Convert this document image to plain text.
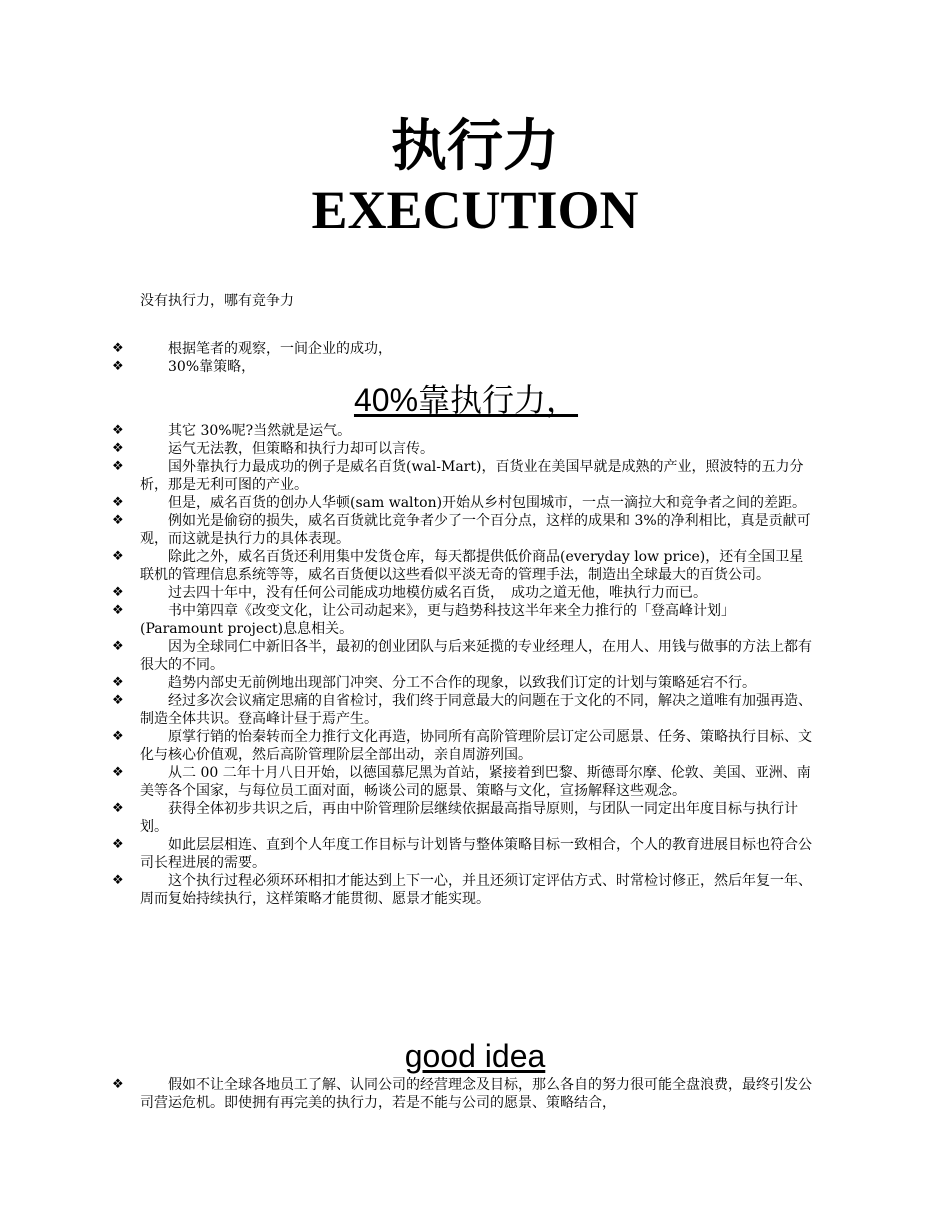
执行力
EXECUTION
没有执行力，哪有竞争力
❖	根据笔者的观察，一间企业的成功，
❖	30%靠策略，
40%靠执行力，
❖	其它 30%呢?当然就是运气。
❖	运气无法教，但策略和执行力却可以言传。
❖	国外靠执行力最成功的例子是威名百货(wal-Mart)，百货业在美国早就是成熟的产业，照波特的五力分析，那是无利可图的产业。
❖	但是，威名百货的创办人华顿(sam walton)开始从乡村包围城市，一点一滴拉大和竞争者之间的差距。
❖	例如光是偷窃的损失，威名百货就比竞争者少了一个百分点，这样的成果和 3%的净利相比，真是贡献可观，而这就是执行力的具体表现。
❖	除此之外，威名百货还利用集中发货仓库，每天都提供低价商品(everyday low price)，还有全国卫星联机的管理信息系统等等，威名百货便以这些看似平淡无奇的管理手法，制造出全球最大的百货公司。
❖	过去四十年中，没有任何公司能成功地模仿威名百货，　成功之道无他，唯执行力而已。
❖	书中第四章《改变文化，让公司动起来》，更与趋势科技这半年来全力推行的「登高峰计划」(Paramount project)息息相关。
❖	因为全球同仁中新旧各半，最初的创业团队与后来延揽的专业经理人，在用人、用钱与做事的方法上都有很大的不同。
❖	趋势内部史无前例地出现部门冲突、分工不合作的现象，以致我们订定的计划与策略延宕不行。
❖	经过多次会议痛定思痛的自省检讨，我们终于同意最大的问题在于文化的不同，解决之道唯有加强再造、制造全体共识。登高峰计昼于焉产生。
❖	原掌行销的怡秦转而全力推行文化再造，协同所有高阶管理阶层订定公司愿景、任务、策略执行目标、文化与核心价值观，然后高阶管理阶层全部出动，亲自周游列国。
❖	从二 00 二年十月八日开始，以德国慕尼黑为首站，紧接着到巴黎、斯德哥尔摩、伦敦、美国、亚洲、南美等各个国家，与每位员工面对面，畅谈公司的愿景、策略与文化，宣扬解释这些观念。
❖	获得全体初步共识之后，再由中阶管理阶层继续依据最高指导原则，与团队一同定出年度目标与执行计划。
❖	如此层层相连、直到个人年度工作目标与计划皆与整体策略目标一致相合，个人的教育进展目标也符合公司长程进展的需要。
❖	这个执行过程必须环环相扣才能达到上下一心，并且还须订定评估方式、时常检讨修正，然后年复一年、周而复始持续执行，这样策略才能贯彻、愿景才能实现。
good idea
❖	假如不让全球各地员工了解、认同公司的经营理念及目标，那么各自的努力很可能全盘浪费，最终引发公司营运危机。即使拥有再完美的执行力，若是不能与公司的愿景、策略结合，
